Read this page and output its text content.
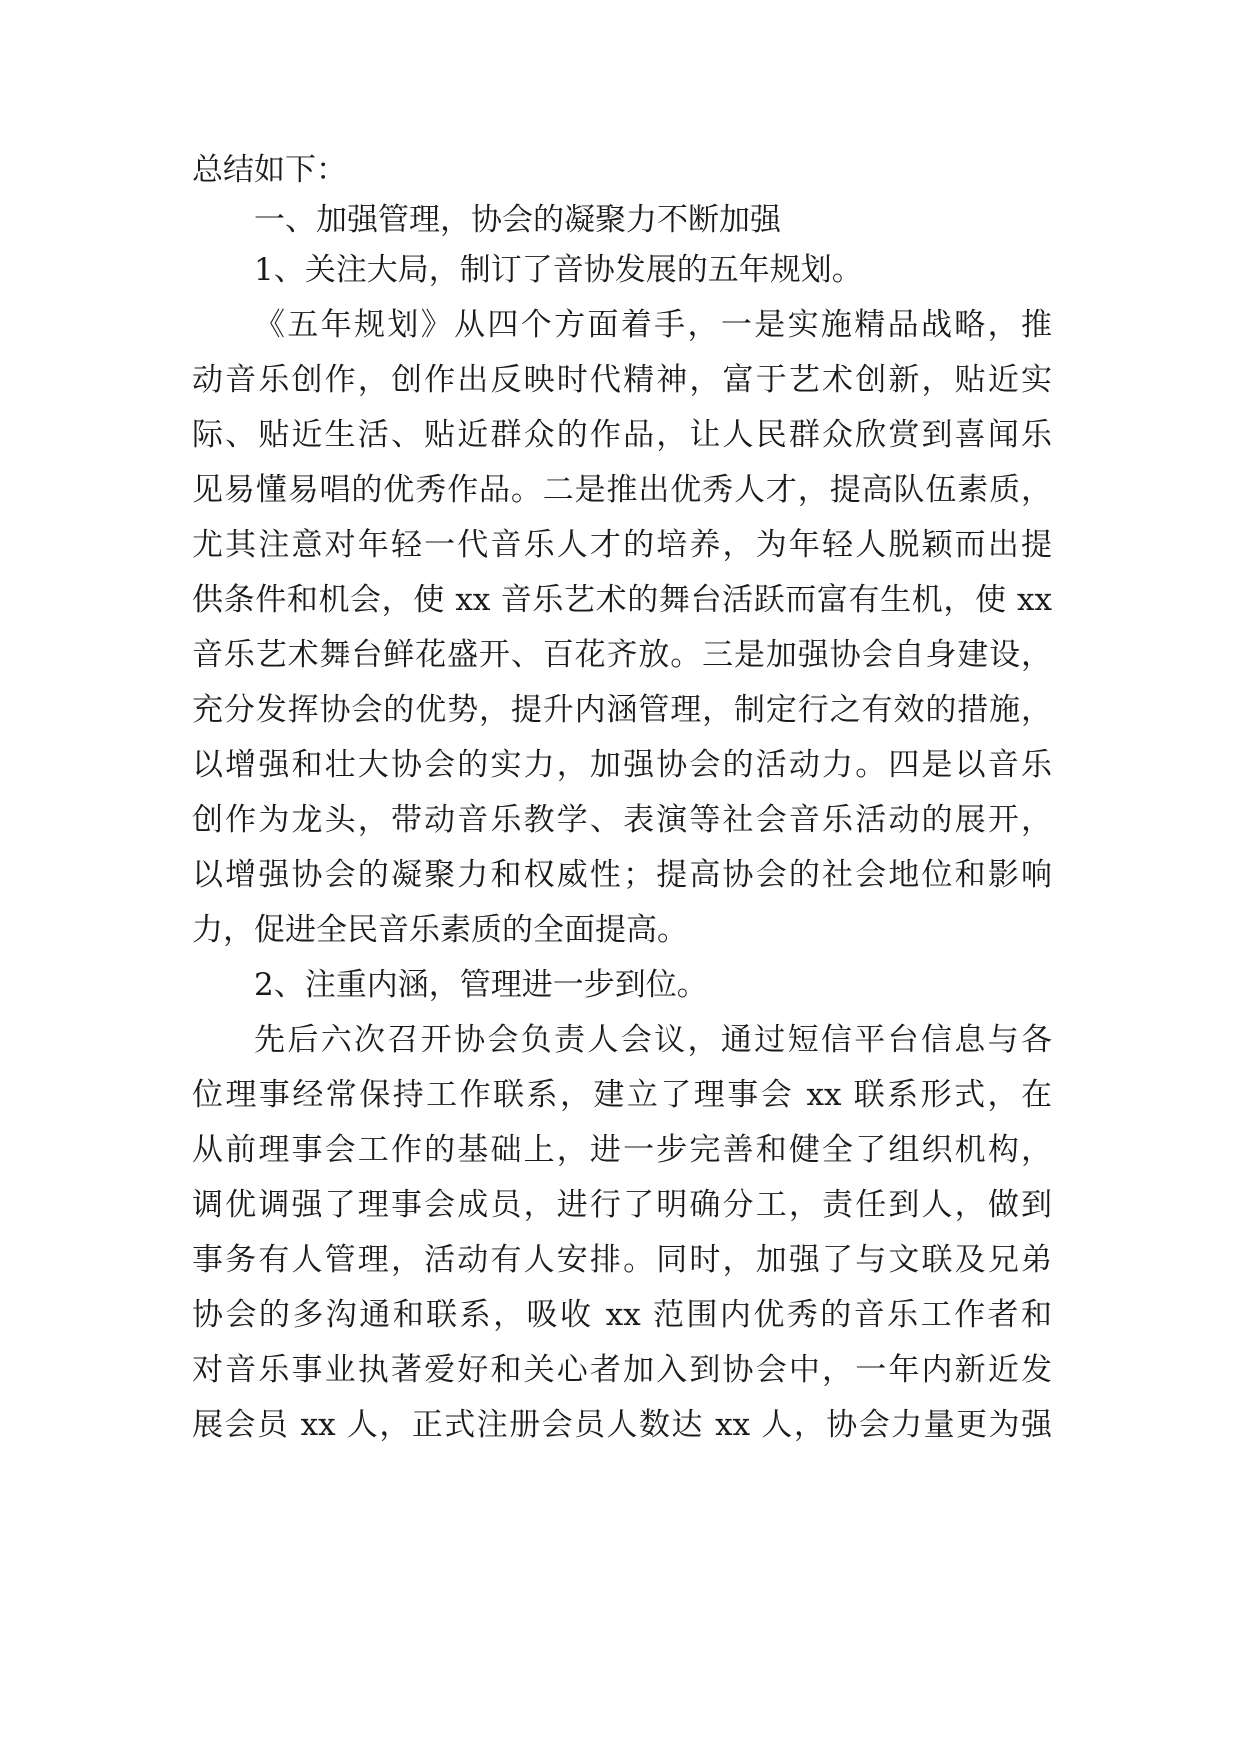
总结如下：
一、加强管理，协会的凝聚力不断加强
1、关注大局，制订了音协发展的五年规划。
《五年规划》从四个方面着手，一是实施精品战略，推
动音乐创作，创作出反映时代精神，富于艺术创新，贴近实
际、贴近生活、贴近群众的作品，让人民群众欣赏到喜闻乐
见易懂易唱的优秀作品。二是推出优秀人才，提高队伍素质，
尤其注意对年轻一代音乐人才的培养，为年轻人脱颖而出提
供条件和机会，使 xx 音乐艺术的舞台活跃而富有生机，使 xx
音乐艺术舞台鲜花盛开、百花齐放。三是加强协会自身建设，
充分发挥协会的优势，提升内涵管理，制定行之有效的措施，
以增强和壮大协会的实力，加强协会的活动力。四是以音乐
创作为龙头，带动音乐教学、表演等社会音乐活动的展开，
以增强协会的凝聚力和权威性；提高协会的社会地位和影响
力，促进全民音乐素质的全面提高。
2、注重内涵，管理进一步到位。
先后六次召开协会负责人会议，通过短信平台信息与各
位理事经常保持工作联系，建立了理事会 xx 联系形式，在
从前理事会工作的基础上，进一步完善和健全了组织机构，
调优调强了理事会成员，进行了明确分工，责任到人，做到
事务有人管理，活动有人安排。同时，加强了与文联及兄弟
协会的多沟通和联系，吸收 xx 范围内优秀的音乐工作者和
对音乐事业执著爱好和关心者加入到协会中，一年内新近发
展会员 xx 人，正式注册会员人数达 xx 人，协会力量更为强
